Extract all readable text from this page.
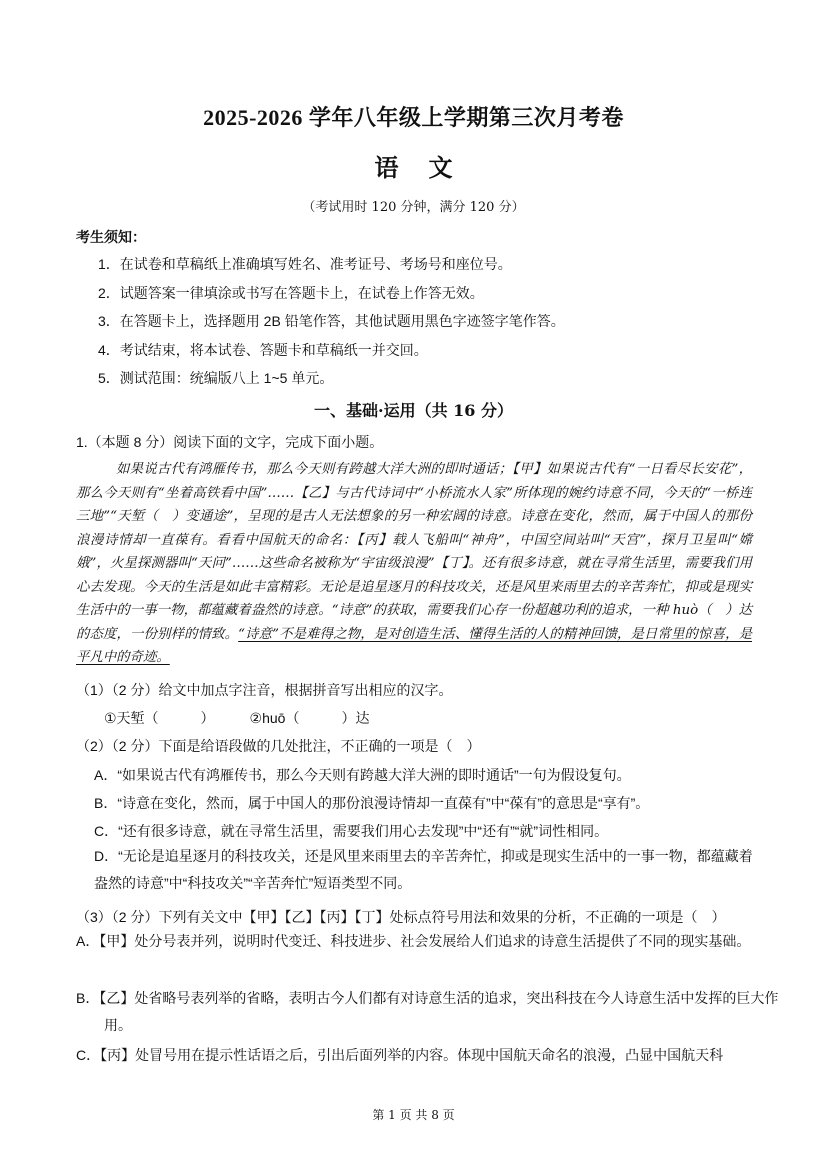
2025-2026 学年八年级上学期第三次月考卷
语文
（考试用时 120 分钟，满分 120 分）
考生须知：
1．在试卷和草稿纸上准确填写姓名、准考证号、考场号和座位号。
2．试题答案一律填涂或书写在答题卡上，在试卷上作答无效。
3．在答题卡上，选择题用 2B 铅笔作答，其他试题用黑色字迹签字笔作答。
4．考试结束，将本试卷、答题卡和草稿纸一并交回。
5．测试范围：统编版八上 1~5 单元。
一、基础·运用（共 16 分）
1.（本题 8 分）阅读下面的文字，完成下面小题。
如果说古代有鸿雁传书，那么今天则有跨越大洋大洲的即时通话；【甲】如果说古代有“一日看尽长安花”，那么今天则有“坐着高铁看中国”……【乙】与古代诗词中“小桥流水人家”所体现的婉约诗意不同，今天的“一桥连三地”“天堑（　）变通途”，呈现的是古人无法想象的另一种宏阔的诗意。诗意在变化，然而，属于中国人的那份浪漫诗情却一直葆有。看看中国航天的命名：【丙】载人飞船叫“神舟”，中国空间站叫“天宫”，探月卫星叫“嫦娥”，火星探测器叫“天问”……这些命名被称为“宇宙级浪漫”【丁】。还有很多诗意，就在寻常生活里，需要我们用心去发现。今天的生活是如此丰富精彩。无论是追星逐月的科技攻关，还是风里来雨里去的辛苦奔忙，抑或是现实生活中的一事一物，都蕴藏着盎然的诗意。“诗意”的获取，需要我们心存一份超越功利的追求，一种 huò（　）达的态度，一份别样的情致。“诗意”不是难得之物，是对创造生活、懂得生活的人的精神回馈，是日常里的惊喜，是平凡中的奇迹。
（1）（2 分）给文中加点字注音，根据拼音写出相应的汉字。
①天堑（　　　）　　　②huō（　　　）达
（2）（2 分）下面是给语段做的几处批注，不正确的一项是（　）
A．“如果说古代有鸿雁传书，那么今天则有跨越大洋大洲的即时通话”一句为假设复句。
B．“诗意在变化，然而，属于中国人的那份浪漫诗情却一直葆有”中“葆有”的意思是“享有”。
C．“还有很多诗意，就在寻常生活里，需要我们用心去发现”中“还有”“就”词性相同。
D．“无论是追星逐月的科技攻关，还是风里来雨里去的辛苦奔忙，抑或是现实生活中的一事一物，都蕴藏着盎然的诗意”中“科技攻关”“辛苦奔忙”短语类型不同。
（3）（2 分）下列有关文中【甲】【乙】【丙】【丁】处标点符号用法和效果的分析，不正确的一项是（　）
A．【甲】处分号表并列，说明时代变迁、科技进步、社会发展给人们追求的诗意生活提供了不同的现实基础。
B．【乙】处省略号表列举的省略，表明古今人们都有对诗意生活的追求，突出科技在今人诗意生活中发挥的巨大作用。
C．【丙】处冒号用在提示性话语之后，引出后面列举的内容。体现中国航天命名的浪漫，凸显中国航天科
第 1 页 共 8 页
